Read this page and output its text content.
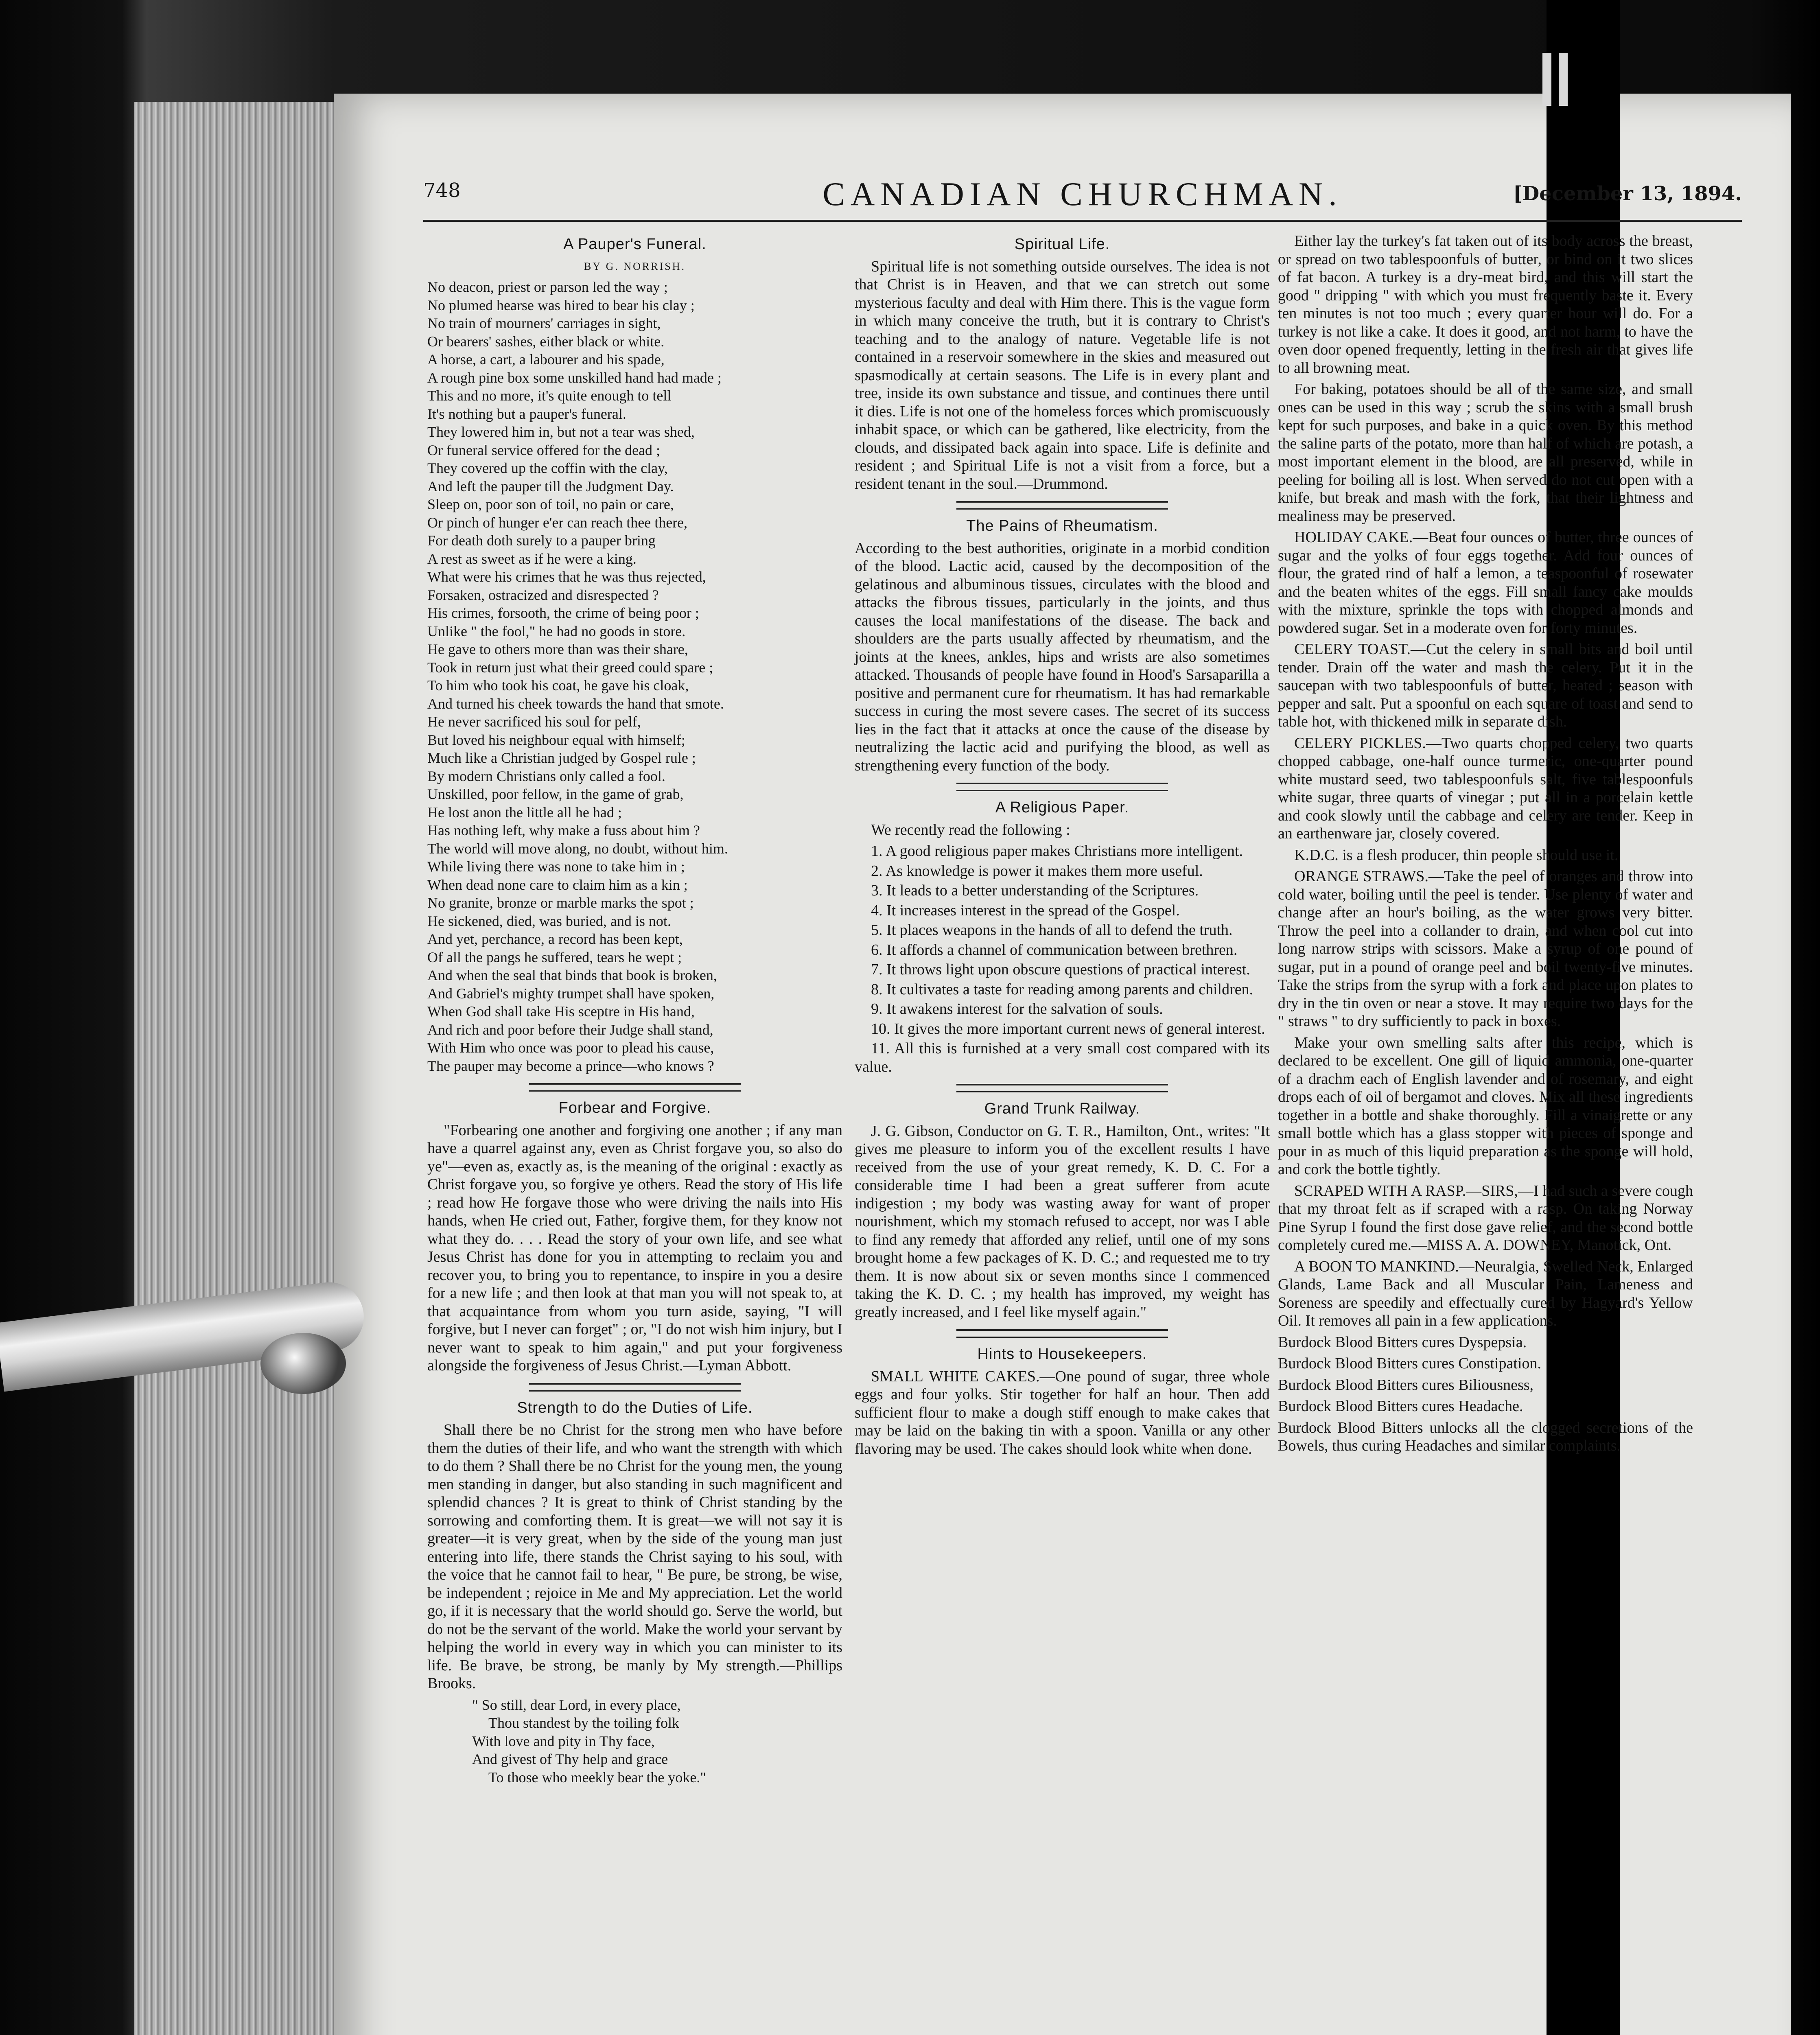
748	CANADIAN CHURCHMAN.	[December 13, 1894.
A Pauper's Funeral.
BY G. NORRISH.
No deacon, priest or parson led the way ;
No plumed hearse was hired to bear his clay ;
No train of mourners' carriages in sight,
Or bearers' sashes, either black or white.
A horse, a cart, a labourer and his spade,
A rough pine box some unskilled hand had made ;
This and no more, it's quite enough to tell
It's nothing but a pauper's funeral.
They lowered him in, but not a tear was shed,
Or funeral service offered for the dead ;
They covered up the coffin with the clay,
And left the pauper till the Judgment Day.
Sleep on, poor son of toil, no pain or care,
Or pinch of hunger e'er can reach thee there,
For death doth surely to a pauper bring
A rest as sweet as if he were a king.
What were his crimes that he was thus rejected,
Forsaken, ostracized and disrespected ?
His crimes, forsooth, the crime of being poor ;
Unlike " the fool," he had no goods in store.
He gave to others more than was their share,
Took in return just what their greed could spare ;
To him who took his coat, he gave his cloak,
And turned his cheek towards the hand that smote.
He never sacrificed his soul for pelf,
But loved his neighbour equal with himself;
Much like a Christian judged by Gospel rule ;
By modern Christians only called a fool.
Unskilled, poor fellow, in the game of grab,
He lost anon the little all he had ;
Has nothing left, why make a fuss about him ?
The world will move along, no doubt, without him.
While living there was none to take him in ;
When dead none care to claim him as a kin ;
No granite, bronze or marble marks the spot ;
He sickened, died, was buried, and is not.
And yet, perchance, a record has been kept,
Of all the pangs he suffered, tears he wept ;
And when the seal that binds that book is broken,
And Gabriel's mighty trumpet shall have spoken,
When God shall take His sceptre in His hand,
And rich and poor before their Judge shall stand,
With Him who once was poor to plead his cause,
The pauper may become a prince—who knows ?
Forbear and Forgive.

"Forbearing one another and forgiving one another ; if any man have a quarrel against any, even as Christ forgave you, so also do ye"—even as, exactly as, is the meaning of the original : exactly as Christ forgave you, so forgive ye others. Read the story of His life ; read how He forgave those who were driving the nails into His hands, when He cried out, Father, forgive them, for they know not what they do. . . . Read the story of your own life, and see what Jesus Christ has done for you in attempting to reclaim you and recover you, to bring you to repentance, to inspire in you a desire for a new life ; and then look at that man you will not speak to, at that acquaintance from whom you turn aside, saying, "I will forgive, but I never can forget" ; or, "I do not wish him injury, but I never want to speak to him again," and put your forgiveness alongside the forgiveness of Jesus Christ.—Lyman Abbott.

Strength to do the Duties of Life.

Shall there be no Christ for the strong men who have before them the duties of their life, and who want the strength with which to do them ? Shall there be no Christ for the young men, the young men standing in danger, but also standing in such magnificent and splendid chances ? It is great to think of Christ standing by the sorrowing and comforting them. It is great—we will not say it is greater—it is very great, when by the side of the young man just entering into life, there stands the Christ saying to his soul, with the voice that he cannot fail to hear, " Be pure, be strong, be wise, be independent ; rejoice in Me and My appreciation. Let the world go, if it is necessary that the world should go. Serve the world, but do not be the servant of the world. Make the world your servant by helping the world in every way in which you can minister to its life. Be brave, be strong, be manly by My strength.—Phillips Brooks.

" So still, dear Lord, in every place,
Thou standest by the toiling folk
With love and pity in Thy face,
And givest of Thy help and grace
To those who meekly bear the yoke."
Spiritual Life.

Spiritual life is not something outside ourselves. The idea is not that Christ is in Heaven, and that we can stretch out some mysterious faculty and deal with Him there. This is the vague form in which many conceive the truth, but it is contrary to Christ's teaching and to the analogy of nature. Vegetable life is not contained in a reservoir somewhere in the skies and measured out spasmodically at certain seasons. The Life is in every plant and tree, inside its own substance and tissue, and continues there until it dies. Life is not one of the homeless forces which promiscuously inhabit space, or which can be gathered, like electricity, from the clouds, and dissipated back again into space. Life is definite and resident ; and Spiritual Life is not a visit from a force, but a resident tenant in the soul.—Drummond.

The Pains of Rheumatism.

According to the best authorities, originate in a morbid condition of the blood. Lactic acid, caused by the decomposition of the gelatinous and albuminous tissues, circulates with the blood and attacks the fibrous tissues, particularly in the joints, and thus causes the local manifestations of the disease. The back and shoulders are the parts usually affected by rheumatism, and the joints at the knees, ankles, hips and wrists are also sometimes attacked. Thousands of people have found in Hood's Sarsaparilla a positive and permanent cure for rheumatism. It has had remarkable success in curing the most severe cases. The secret of its success lies in the fact that it attacks at once the cause of the disease by neutralizing the lactic acid and purifying the blood, as well as strengthening every function of the body.

A Religious Paper.

We recently read the following :

1. A good religious paper makes Christians more intelligent.
2. As knowledge is power it makes them more useful.
3. It leads to a better understanding of the Scriptures.
4. It increases interest in the spread of the Gospel.
5. It places weapons in the hands of all to defend the truth.
6. It affords a channel of communication between brethren.
7. It throws light upon obscure questions of practical interest.
8. It cultivates a taste for reading among parents and children.
9. It awakens interest for the salvation of souls.
10. It gives the more important current news of general interest.
11. All this is furnished at a very small cost compared with its value.
Grand Trunk Railway.

J. G. Gibson, Conductor on G. T. R., Hamilton, Ont., writes: "It gives me pleasure to inform you of the excellent results I have received from the use of your great remedy, K. D. C. For a considerable time I had been a great sufferer from acute indigestion ; my body was wasting away for want of proper nourishment, which my stomach refused to accept, nor was I able to find any remedy that afforded any relief, until one of my sons brought home a few packages of K. D. C.; and requested me to try them. It is now about six or seven months since I commenced taking the K. D. C. ; my health has improved, my weight has greatly increased, and I feel like myself again."

Hints to Housekeepers.

SMALL WHITE CAKES.—One pound of sugar, three whole eggs and four yolks. Stir together for half an hour. Then add sufficient flour to make a dough stiff enough to make cakes that may be laid on the baking tin with a spoon. Vanilla or any other flavoring may be used. The cakes should look white when done.

Either lay the turkey's fat taken out of its body across the breast, or spread on two tablespoonfuls of butter, or bind on it two slices of fat bacon. A turkey is a dry-meat bird, and this will start the good " dripping " with which you must frequently baste it. Every ten minutes is not too much ; every quarter hour will do. For a turkey is not like a cake. It does it good, and not harm, to have the oven door opened frequently, letting in the fresh air that gives life to all browning meat.
For baking, potatoes should be all of the same size, and small ones can be used in this way ; scrub the skins with a small brush kept for such purposes, and bake in a quick oven. By this method the saline parts of the potato, more than half of which are potash, a most important element in the blood, are all preserved, while in peeling for boiling all is lost. When served do not cut open with a knife, but break and mash with the fork, that their lightness and mealiness may be preserved.
HOLIDAY CAKE.—Beat four ounces of butter, three ounces of sugar and the yolks of four eggs together. Add four ounces of flour, the grated rind of half a lemon, a teaspoonful of rosewater and the beaten whites of the eggs. Fill small fancy cake moulds with the mixture, sprinkle the tops with chopped almonds and powdered sugar. Set in a moderate oven for forty minutes.
CELERY TOAST.—Cut the celery in small bits and boil until tender. Drain off the water and mash the celery. Put it in the saucepan with two tablespoonfuls of butter, heated ; season with pepper and salt. Put a spoonful on each square of toast and send to table hot, with thickened milk in separate dish.
CELERY PICKLES.—Two quarts chopped celery, two quarts chopped cabbage, one-half ounce turmeric, one-quarter pound white mustard seed, two tablespoonfuls salt, five tablespoonfuls white sugar, three quarts of vinegar ; put all in a porcelain kettle and cook slowly until the cabbage and celery are tender. Keep in an earthenware jar, closely covered.
K.D.C. is a flesh producer, thin people should use it.
ORANGE STRAWS.—Take the peel of oranges and throw into cold water, boiling until the peel is tender. Use plenty of water and change after an hour's boiling, as the water grows very bitter. Throw the peel into a collander to drain, and when cool cut into long narrow strips with scissors. Make a syrup of one pound of sugar, put in a pound of orange peel and boil twenty-five minutes. Take the strips from the syrup with a fork and place upon plates to dry in the tin oven or near a stove. It may require two days for the " straws " to dry sufficiently to pack in boxes.
Make your own smelling salts after this recipe, which is declared to be excellent. One gill of liquid ammonia, one-quarter of a drachm each of English lavender and of rosemary, and eight drops each of oil of bergamot and cloves. Mix all these ingredients together in a bottle and shake thoroughly. Fill a vinaigrette or any small bottle which has a glass stopper with pieces of sponge and pour in as much of this liquid preparation as the sponge will hold, and cork the bottle tightly.
SCRAPED WITH A RASP.—SIRS,—I had such a severe cough that my throat felt as if scraped with a rasp. On taking Norway Pine Syrup I found the first dose gave relief, and the second bottle completely cured me.—MISS A. A. DOWNEY, Manotick, Ont.
A BOON TO MANKIND.—Neuralgia, Swelled Neck, Enlarged Glands, Lame Back and all Muscular Pain, Lameness and Soreness are speedily and effectually cured by Hagyard's Yellow Oil. It removes all pain in a few applications.
Burdock Blood Bitters cures Dyspepsia.
Burdock Blood Bitters cures Constipation.
Burdock Blood Bitters cures Biliousness,
Burdock Blood Bitters cures Headache.
Burdock Blood Bitters unlocks all the clogged secretions of the Bowels, thus curing Headaches and similar complaints.
